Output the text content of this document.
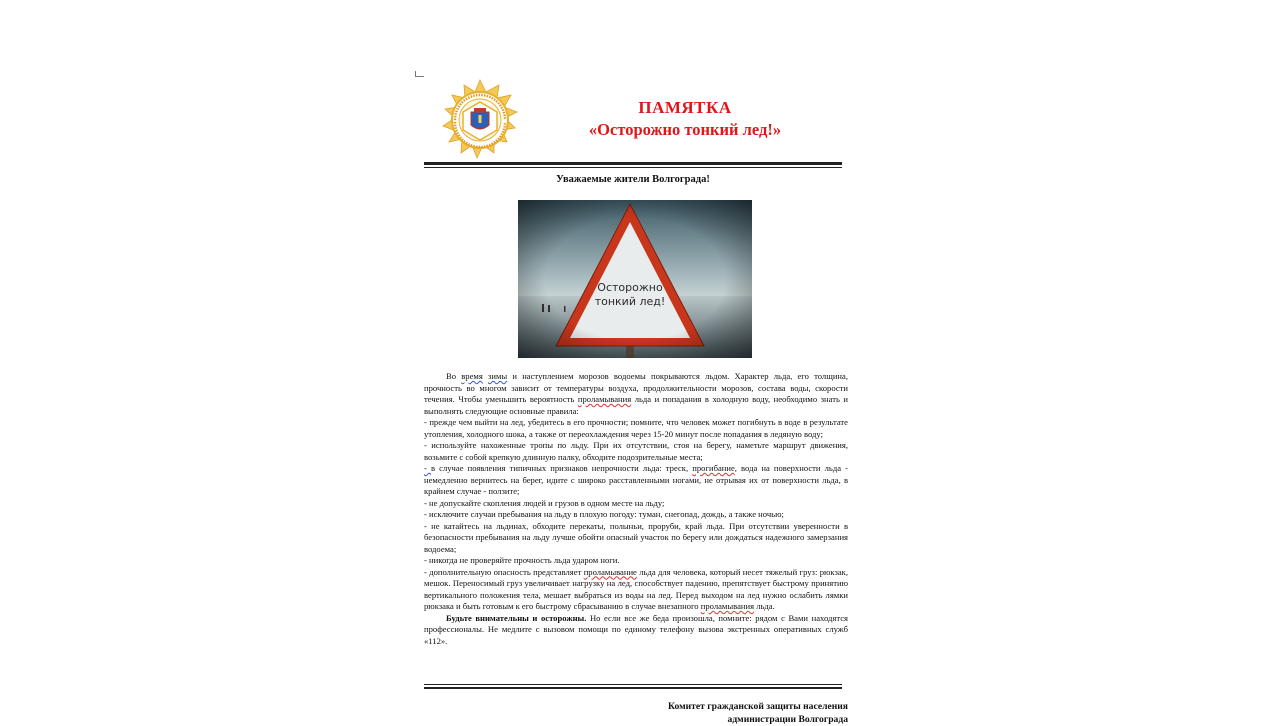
ПАМЯТКА
«Осторожно тонкий лед!»
Уважаемые жители Волгограда!

Во время зимы и наступлением морозов водоемы покрываются льдом. Характер льда, его толщина, прочность во многом зависит от температуры воздуха, продолжительности морозов, состава воды, скорости течения. Чтобы уменьшить вероятность проламывания льда и попадания в холодную воду, необходимо знать и выполнять следующие основные правила:

- прежде чем выйти на лед, убедитесь в его прочности; помните, что человек может погибнуть в воде в результате утопления, холодного шока, а также от переохлаждения через 15-20 минут после попадания в ледяную воду;

- используйте нахоженные тропы по льду. При их отсутствии, стоя на берегу, наметьте маршрут движения, возьмите с собой крепкую длинную палку, обходите подозрительные места;

- в случае появления типичных признаков непрочности льда: треск, прогибание, вода на поверхности льда - немедленно вернитесь на берег, идите с широко расставленными ногами, не отрывая их от поверхности льда, в крайнем случае - ползите;

- не допускайте скопления людей и грузов в одном месте на льду;

- исключите случаи пребывания на льду в плохую погоду: туман, снегопад, дождь, а также ночью;

- не катайтесь на льдинах, обходите перекаты, полыньи, проруби, край льда. При отсутствии уверенности в безопасности пребывания на льду лучше обойти опасный участок по берегу или дождаться надежного замерзания водоема;

- никогда не проверяйте прочность льда ударом ноги.

- дополнительную опасность представляет проламывание льда для человека, который несет тяжелый груз: рюкзак, мешок. Переносимый груз увеличивает нагрузку на лед, способствует падению, препятствует быстрому принятию вертикального положения тела, мешает выбраться из воды на лед. Перед выходом на лед нужно ослабить лямки рюкзака и быть готовым к его быстрому сбрасыванию в случае внезапного проламывания льда.

Будьте внимательны и осторожны. Но если все же беда произошла, помните: рядом с Вами находятся профессионалы. Не медлите с вызовом помощи по единому телефону вызова экстренных оперативных служб «112».

Комитет гражданской защиты населения
администрации Волгограда
